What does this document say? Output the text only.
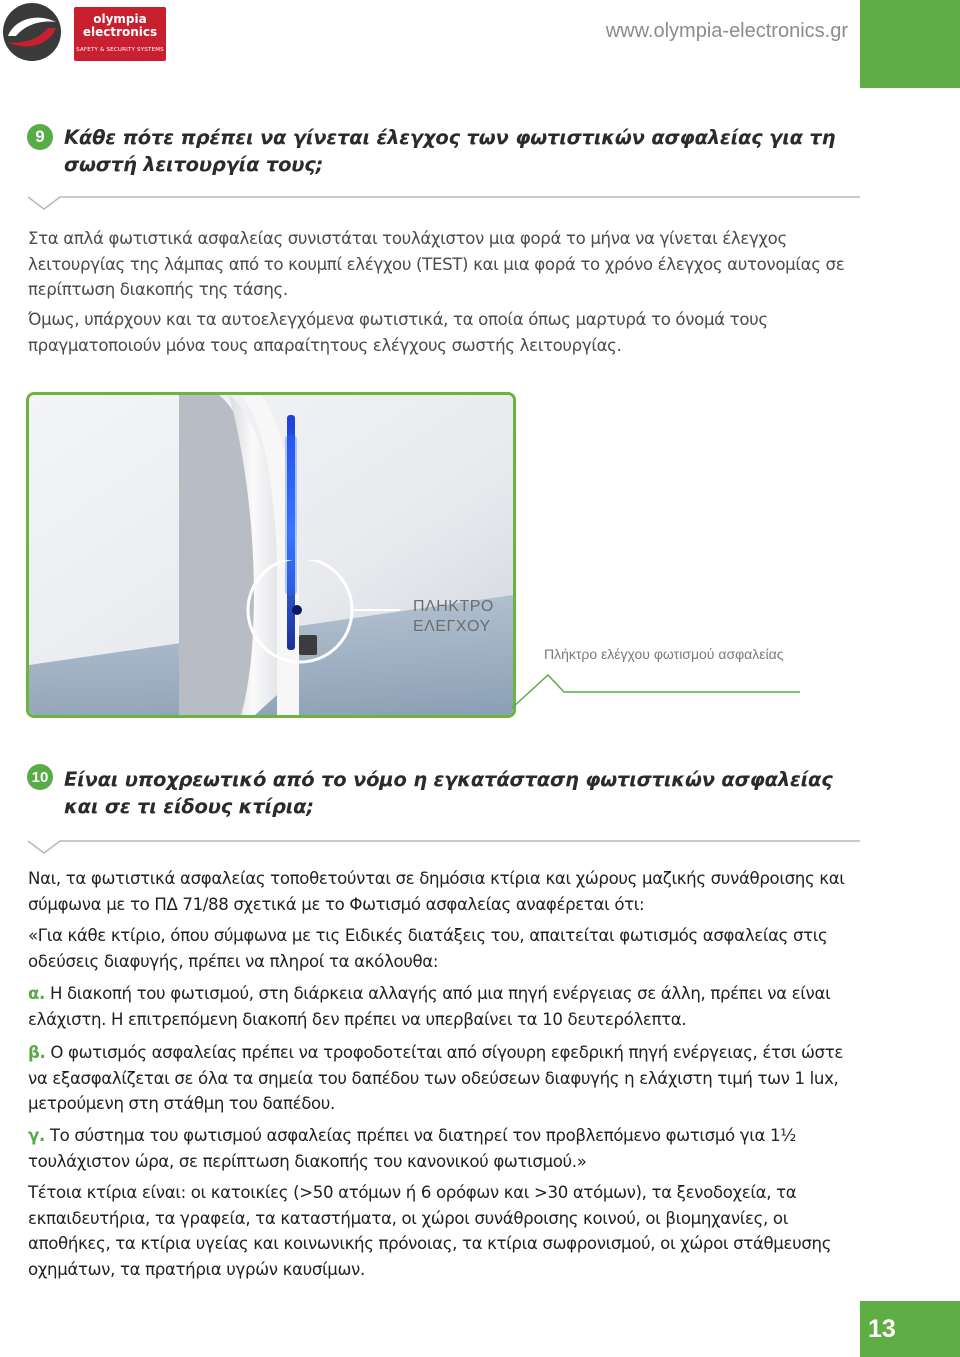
olympia
electronics
SAFETY & SECURITY SYSTEMS
www.olympia-electronics.gr
9 Κάθε πότε πρέπει να γίνεται έλεγχος των φωτιστικών ασφαλείας για τη σωστή λειτουργία τους;

Στα απλά φωτιστικά ασφαλείας συνιστάται τουλάχιστον μια φορά το μήνα να γίνεται έλεγχος λειτουργίας της λάμπας από το κουμπί ελέγχου (TEST) και μια φορά το χρόνο έλεγχος αυτονομίας σε περίπτωση διακοπής της τάσης.

Όμως, υπάρχουν και τα αυτοελεγχόμενα φωτιστικά, τα οποία όπως μαρτυρά το όνομά τους πραγματοποιούν μόνα τους απαραίτητους ελέγχους σωστής λειτουργίας.

ΠΛΗΚΤΡΟ
ΕΛΕΓΧΟΥ

Πλήκτρο ελέγχου φωτισμού ασφαλείας

10 Είναι υποχρεωτικό από το νόμο η εγκατάσταση φωτιστικών ασφαλείας και σε τι είδους κτίρια;

Ναι, τα φωτιστικά ασφαλείας τοποθετούνται σε δημόσια κτίρια και χώρους μαζικής συνάθροισης και σύμφωνα με το ΠΔ 71/88 σχετικά με το Φωτισμό ασφαλείας αναφέρεται ότι:

«Για κάθε κτίριο, όπου σύμφωνα με τις Ειδικές διατάξεις του, απαιτείται φωτισμός ασφαλείας στις οδεύσεις διαφυγής, πρέπει να πληροί τα ακόλουθα:

α. Η διακοπή του φωτισμού, στη διάρκεια αλλαγής από μια πηγή ενέργειας σε άλλη, πρέπει να είναι ελάχιστη. Η επιτρεπόμενη διακοπή δεν πρέπει να υπερβαίνει τα 10 δευτερόλεπτα.

β. Ο φωτισμός ασφαλείας πρέπει να τροφοδοτείται από σίγουρη εφεδρική πηγή ενέργειας, έτσι ώστε να εξασφαλίζεται σε όλα τα σημεία του δαπέδου των οδεύσεων διαφυγής η ελάχιστη τιμή των 1 lux, μετρούμενη στη στάθμη του δαπέδου.

γ. Το σύστημα του φωτισμού ασφαλείας πρέπει να διατηρεί τον προβλεπόμενο φωτισμό για 1½ τουλάχιστον ώρα, σε περίπτωση διακοπής του κανονικού φωτισμού.»

Τέτοια κτίρια είναι: οι κατοικίες (>50 ατόμων ή 6 ορόφων και >30 ατόμων), τα ξενοδοχεία, τα εκπαιδευτήρια, τα γραφεία, τα καταστήματα, οι χώροι συνάθροισης κοινού, οι βιομηχανίες, οι αποθήκες, τα κτίρια υγείας και κοινωνικής πρόνοιας, τα κτίρια σωφρονισμού, οι χώροι στάθμευσης οχημάτων, τα πρατήρια υγρών καυσίμων.

13
